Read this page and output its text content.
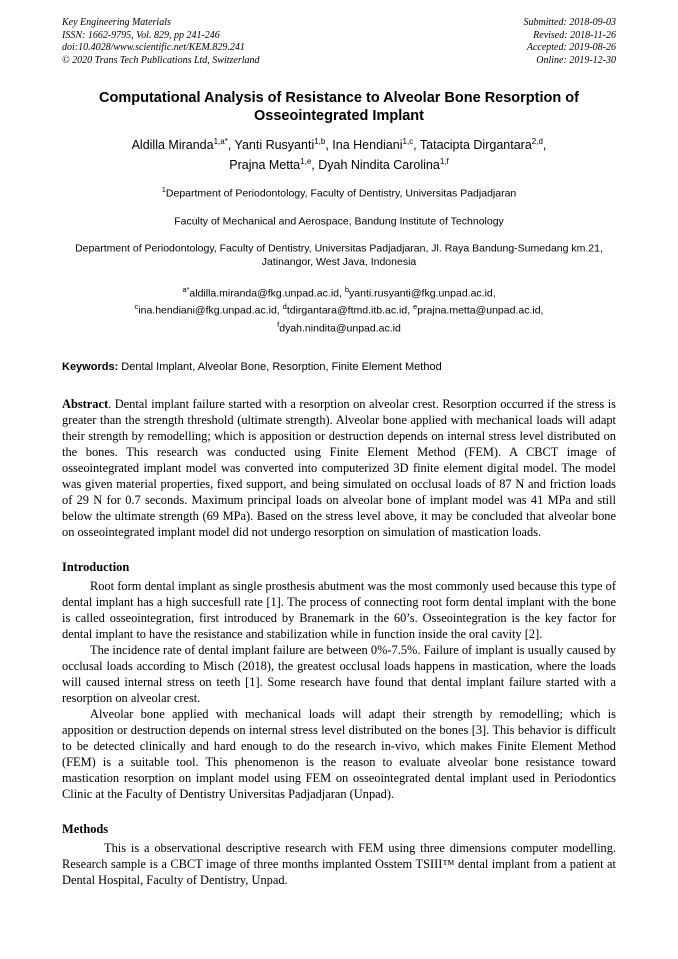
Key Engineering Materials
ISSN: 1662-9795, Vol. 829, pp 241-246
doi:10.4028/www.scientific.net/KEM.829.241
© 2020 Trans Tech Publications Ltd, Switzerland
Submitted: 2018-09-03
Revised: 2018-11-26
Accepted: 2019-08-26
Online: 2019-12-30
Computational Analysis of Resistance to Alveolar Bone Resorption of Osseointegrated Implant

Aldilla Miranda$^{1,a*}$, Yanti Rusyanti$^{1,b}$, Ina Hendiani$^{1,c}$, Tatacipta Dirgantara$^{2,d}$,
Prajna Metta$^{1,e}$, Dyah Nindita Carolina$^{1,f}$

$^1$Department of Periodontology, Faculty of Dentistry, Universitas Padjadjaran

Faculty of Mechanical and Aerospace, Bandung Institute of Technology

Department of Periodontology, Faculty of Dentistry, Universitas Padjadjaran, Jl. Raya Bandung-Sumedang km.21, Jatinangor, West Java, Indonesia

$^{a*}$aldilla.miranda@fkg.unpad.ac.id, $^b$yanti.rusyanti@fkg.unpad.ac.id,
$^c$ina.hendiani@fkg.unpad.ac.id, $^d$tdirgantara@ftmd.itb.ac.id, $^e$prajna.metta@unpad.ac.id,
$^f$dyah.nindita@unpad.ac.id

Keywords: Dental Implant, Alveolar Bone, Resorption, Finite Element Method

Abstract. Dental implant failure started with a resorption on alveolar crest. Resorption occurred if the stress is greater than the strength threshold (ultimate strength). Alveolar bone applied with mechanical loads will adapt their strength by remodelling; which is apposition or destruction depends on internal stress level distributed on the bones. This research was conducted using Finite Element Method (FEM). A CBCT image of osseointegrated implant model was converted into computerized 3D finite element digital model. The model was given material properties, fixed support, and being simulated on occlusal loads of 87 N and friction loads of 29 N for 0.7 seconds. Maximum principal loads on alveolar bone of implant model was 41 MPa and still below the ultimate strength (69 MPa). Based on the stress level above, it may be concluded that alveolar bone on osseointegrated implant model did not undergo resorption on simulation of mastication loads.

Introduction

Root form dental implant as single prosthesis abutment was the most commonly used because this type of dental implant has a high succesfull rate [1]. The process of connecting root form dental implant with the bone is called osseointegration, first introduced by Branemark in the 60’s. Osseointegration is the key factor for dental implant to have the resistance and stabilization while in function inside the oral cavity [2].

The incidence rate of dental implant failure are between 0%-7.5%. Failure of implant is usually caused by occlusal loads according to Misch (2018), the greatest occlusal loads happens in mastication, where the loads will caused internal stress on teeth [1]. Some research have found that dental implant failure started with a resorption on alveolar crest.

Alveolar bone applied with mechanical loads will adapt their strength by remodelling; which is apposition or destruction depends on internal stress level distributed on the bones [3]. This behavior is difficult to be detected clinically and hard enough to do the research in-vivo, which makes Finite Element Method (FEM) is a suitable tool. This phenomenon is the reason to evaluate alveolar bone resistance toward mastication resorption on implant model using FEM on osseointegrated dental implant used in Periodontics Clinic at the Faculty of Dentistry Universitas Padjadjaran (Unpad).

Methods

This is a observational descriptive research with FEM using three dimensions computer modelling. Research sample is a CBCT image of three months implanted Osstem TSIII™ dental implant from a patient at Dental Hospital, Faculty of Dentistry, Unpad.
